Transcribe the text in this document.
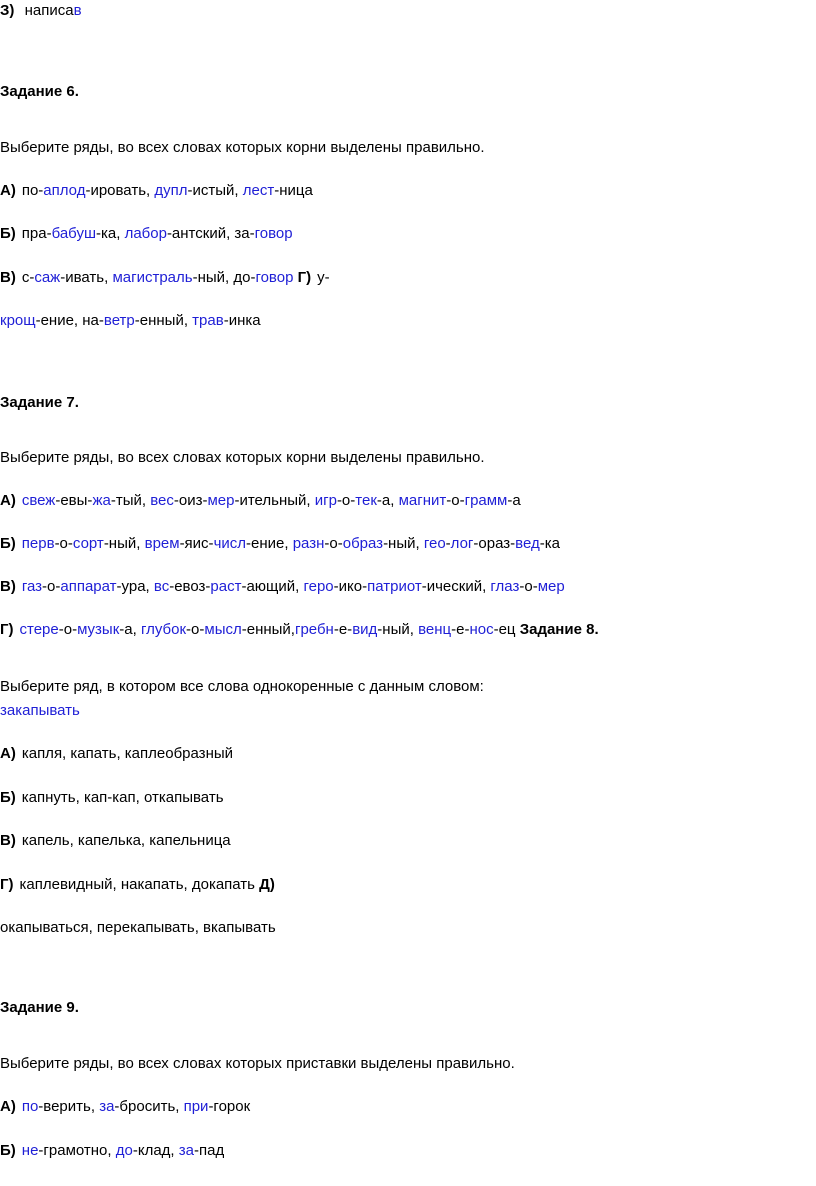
З) написав
Задание 6.
Выберите ряды, во всех словах которых корни выделены правильно.
А) по-аплод-ировать, дупл-истый, лест-ница
Б) пра-бабуш-ка, лабор-антский, за-говор
В) с-саж-ивать, магистраль-ный, до-говор Г) у-
крощ-ение, на-ветр-енный, трав-инка
Задание 7.
Выберите ряды, во всех словах которых корни выделены правильно.
А) свеж-евы-жа-тый, вес-оиз-мер-ительный, игр-о-тек-а, магнит-о-грамм-а
Б) перв-о-сорт-ный, врем-яис-числ-ение, разн-о-образ-ный, гео-лог-ораз-вед-ка
В) газ-о-аппарат-ура, вс-евоз-раст-ающий, геро-ико-патриот-ический, глаз-о-мер
Г) стере-о-музык-а, глубок-о-мысл-енный,гребн-е-вид-ный, венц-е-нос-ец Задание 8.
Выберите ряд, в котором все слова однокоренные с данным словом:
закапывать
А) капля, капать, каплеобразный
Б) капнуть, кап-кап, откапывать
В) капель, капелька, капельница
Г) каплевидный, накапать, докапать Д)
окапываться, перекапывать, вкапывать
Задание 9.
Выберите ряды, во всех словах которых приставки выделены правильно.
А) по-верить, за-бросить, при-горок
Б) не-грамотно, до-клад, за-пад
